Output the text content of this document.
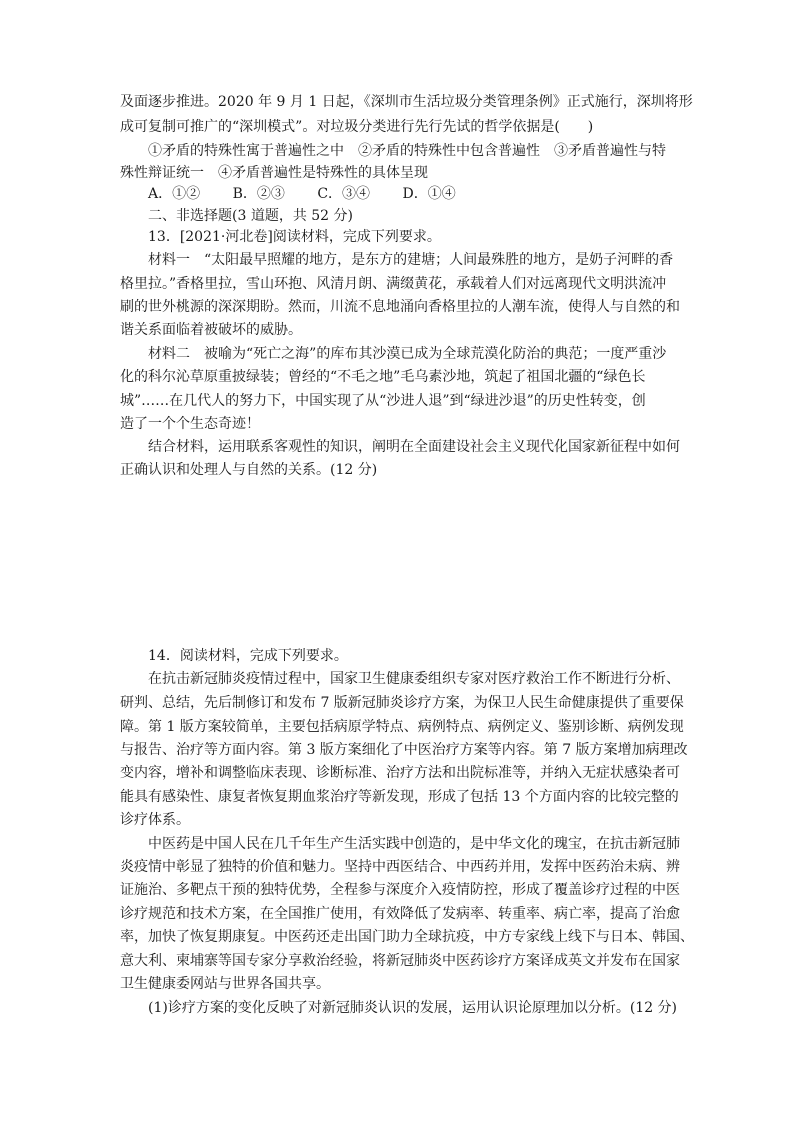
及面逐步推进。2020 年 9 月 1 日起，《深圳市生活垃圾分类管理条例》正式施行，深圳将形
成可复制可推广的“深圳模式”。对垃圾分类进行先行先试的哲学依据是(　　)
①矛盾的特殊性寓于普遍性之中　②矛盾的特殊性中包含普遍性　③矛盾普遍性与特
殊性辩证统一　④矛盾普遍性是特殊性的具体呈现
A．①② B．②③ C．③④ D．①④
二、非选择题(3 道题，共 52 分)
13．[2021·河北卷]阅读材料，完成下列要求。
材料一　“太阳最早照耀的地方，是东方的建塘；人间最殊胜的地方，是奶子河畔的香
格里拉。”香格里拉，雪山环抱、风清月朗、满缀黄花，承载着人们对远离现代文明洪流冲
刷的世外桃源的深深期盼。然而，川流不息地涌向香格里拉的人潮车流，使得人与自然的和
谐关系面临着被破坏的威胁。
材料二　被喻为“死亡之海”的库布其沙漠已成为全球荒漠化防治的典范；一度严重沙
化的科尔沁草原重披绿装；曾经的“不毛之地”毛乌素沙地，筑起了祖国北疆的“绿色长
城”……在几代人的努力下，中国实现了从“沙进人退”到“绿进沙退”的历史性转变，创
造了一个个生态奇迹！
结合材料，运用联系客观性的知识，阐明在全面建设社会主义现代化国家新征程中如何
正确认识和处理人与自然的关系。(12 分)
14．阅读材料，完成下列要求。
在抗击新冠肺炎疫情过程中，国家卫生健康委组织专家对医疗救治工作不断进行分析、
研判、总结，先后制修订和发布 7 版新冠肺炎诊疗方案，为保卫人民生命健康提供了重要保
障。第 1 版方案较简单，主要包括病原学特点、病例特点、病例定义、鉴别诊断、病例发现
与报告、治疗等方面内容。第 3 版方案细化了中医治疗方案等内容。第 7 版方案增加病理改
变内容，增补和调整临床表现、诊断标准、治疗方法和出院标准等，并纳入无症状感染者可
能具有感染性、康复者恢复期血浆治疗等新发现，形成了包括 13 个方面内容的比较完整的
诊疗体系。
中医药是中国人民在几千年生产生活实践中创造的，是中华文化的瑰宝，在抗击新冠肺
炎疫情中彰显了独特的价值和魅力。坚持中西医结合、中西药并用，发挥中医药治未病、辨
证施治、多靶点干预的独特优势，全程参与深度介入疫情防控，形成了覆盖诊疗过程的中医
诊疗规范和技术方案，在全国推广使用，有效降低了发病率、转重率、病亡率，提高了治愈
率，加快了恢复期康复。中医药还走出国门助力全球抗疫，中方专家线上线下与日本、韩国、
意大利、柬埔寨等国专家分享救治经验，将新冠肺炎中医药诊疗方案译成英文并发布在国家
卫生健康委网站与世界各国共享。
(1)诊疗方案的变化反映了对新冠肺炎认识的发展，运用认识论原理加以分析。(12 分)
